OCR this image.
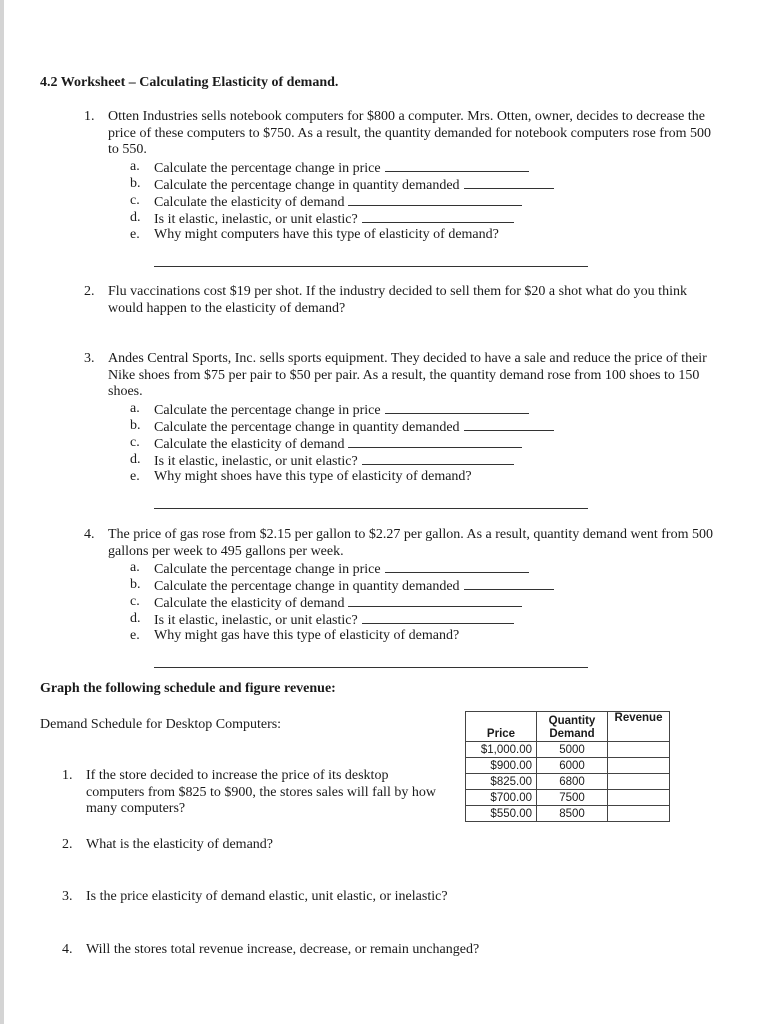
4.2 Worksheet – Calculating Elasticity of demand.
1. Otten Industries sells notebook computers for $800 a computer. Mrs. Otten, owner, decides to decrease the price of these computers to $750. As a result, the quantity demanded for notebook computers rose from 500 to 550.
a. Calculate the percentage change in price
b. Calculate the percentage change in quantity demanded
c. Calculate the elasticity of demand
d. Is it elastic, inelastic, or unit elastic?
e. Why might computers have this type of elasticity of demand?
2. Flu vaccinations cost $19 per shot. If the industry decided to sell them for $20 a shot what do you think would happen to the elasticity of demand?
3. Andes Central Sports, Inc. sells sports equipment. They decided to have a sale and reduce the price of their Nike shoes from $75 per pair to $50 per pair. As a result, the quantity demand rose from 100 shoes to 150 shoes.
a. Calculate the percentage change in price
b. Calculate the percentage change in quantity demanded
c. Calculate the elasticity of demand
d. Is it elastic, inelastic, or unit elastic?
e. Why might shoes have this type of elasticity of demand?
4. The price of gas rose from $2.15 per gallon to $2.27 per gallon. As a result, quantity demand went from 500 gallons per week to 495 gallons per week.
a. Calculate the percentage change in price
b. Calculate the percentage change in quantity demanded
c. Calculate the elasticity of demand
d. Is it elastic, inelastic, or unit elastic?
e. Why might gas have this type of elasticity of demand?
Graph the following schedule and figure revenue:
Demand Schedule for Desktop Computers:
Price	Quantity Demand	Revenue
$1,000.00	5000	
$900.00	6000	
$825.00	6800	
$700.00	7500	
$550.00	8500	
1. If the store decided to increase the price of its desktop computers from $825 to $900, the stores sales will fall by how many computers?
2. What is the elasticity of demand?
3. Is the price elasticity of demand elastic, unit elastic, or inelastic?
4. Will the stores total revenue increase, decrease, or remain unchanged?
